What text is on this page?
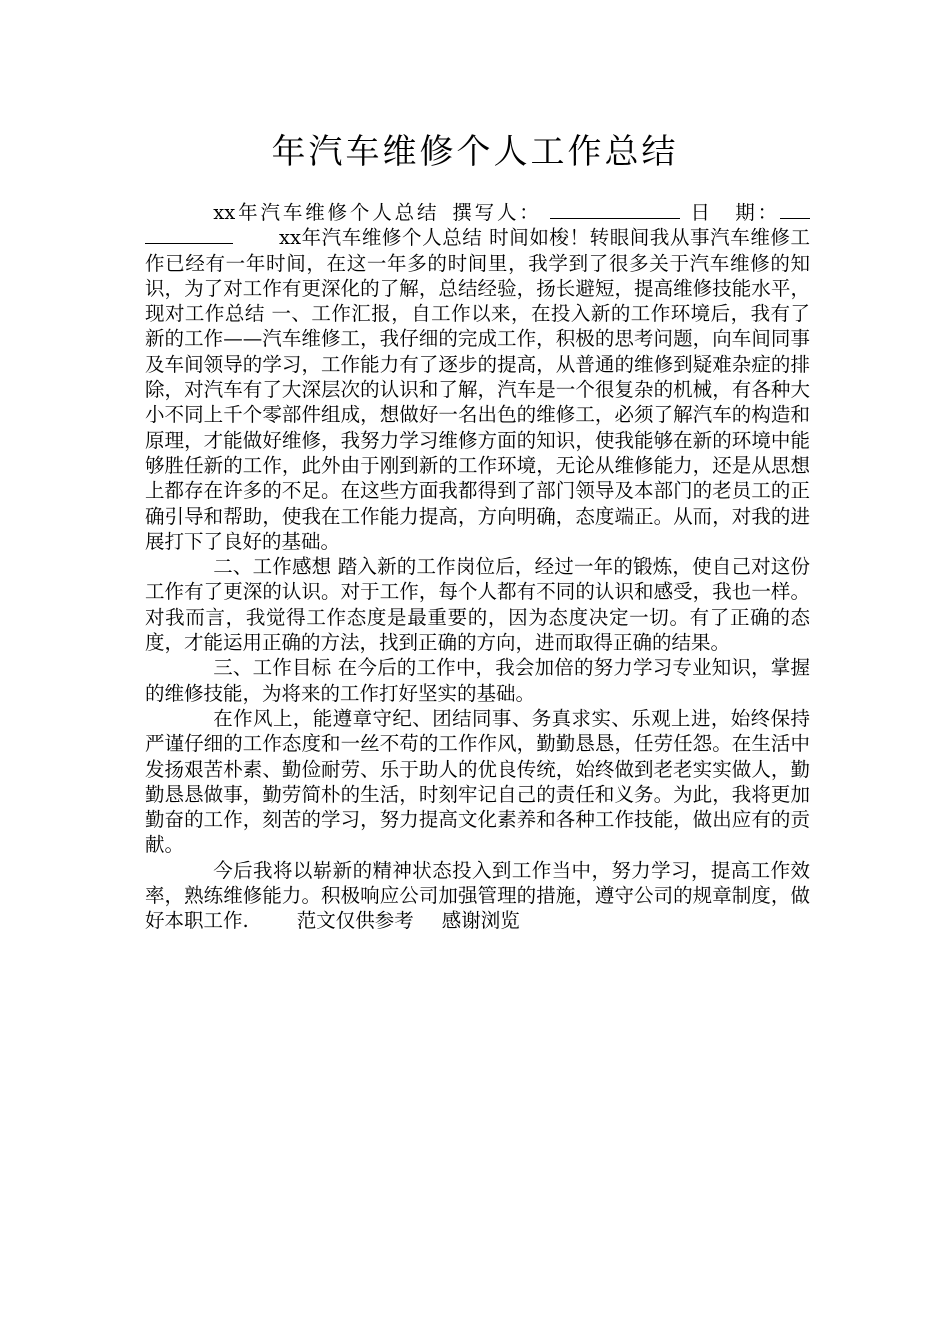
年汽车维修个人工作总结

xx年汽车维修个人总结 撰写人：	日　期：xx年汽车维修个人总结 时间如梭！转眼间我从事汽车维修工作已经有一年时间，在这一年多的时间里，我学到了很多关于汽车维修的知识，为了对工作有更深化的了解，总结经验，扬长避短，提高维修技能水平，现对工作总结 一、工作汇报，自工作以来，在投入新的工作环境后，我有了新的工作——汽车维修工，我仔细的完成工作，积极的思考问题，向车间同事及车间领导的学习，工作能力有了逐步的提高，从普通的维修到疑难杂症的排除，对汽车有了大深层次的认识和了解，汽车是一个很复杂的机械，有各种大小不同上千个零部件组成，想做好一名出色的维修工，必须了解汽车的构造和原理，才能做好维修，我努力学习维修方面的知识，使我能够在新的环境中能够胜任新的工作，此外由于刚到新的工作环境，无论从维修能力，还是从思想上都存在许多的不足。在这些方面我都得到了部门领导及本部门的老员工的正确引导和帮助，使我在工作能力提高，方向明确，态度端正。从而，对我的进展打下了良好的基础。

二、工作感想 踏入新的工作岗位后，经过一年的锻炼，使自己对这份工作有了更深的认识。对于工作，每个人都有不同的认识和感受，我也一样。对我而言，我觉得工作态度是最重要的，因为态度决定一切。有了正确的态度，才能运用正确的方法，找到正确的方向，进而取得正确的结果。

三、工作目标 在今后的工作中，我会加倍的努力学习专业知识，掌握的维修技能，为将来的工作打好坚实的基础。

在作风上，能遵章守纪、团结同事、务真求实、乐观上进，始终保持严谨仔细的工作态度和一丝不苟的工作作风，勤勤恳恳，任劳任怨。在生活中发扬艰苦朴素、勤俭耐劳、乐于助人的优良传统，始终做到老老实实做人，勤勤恳恳做事，勤劳简朴的生活，时刻牢记自己的责任和义务。为此，我将更加勤奋的工作，刻苦的学习，努力提高文化素养和各种工作技能，做出应有的贡献。

今后我将以崭新的精神状态投入到工作当中，努力学习，提高工作效率，熟练维修能力。积极响应公司加强管理的措施，遵守公司的规章制度，做好本职工作. 范文仅供参考 感谢浏览
